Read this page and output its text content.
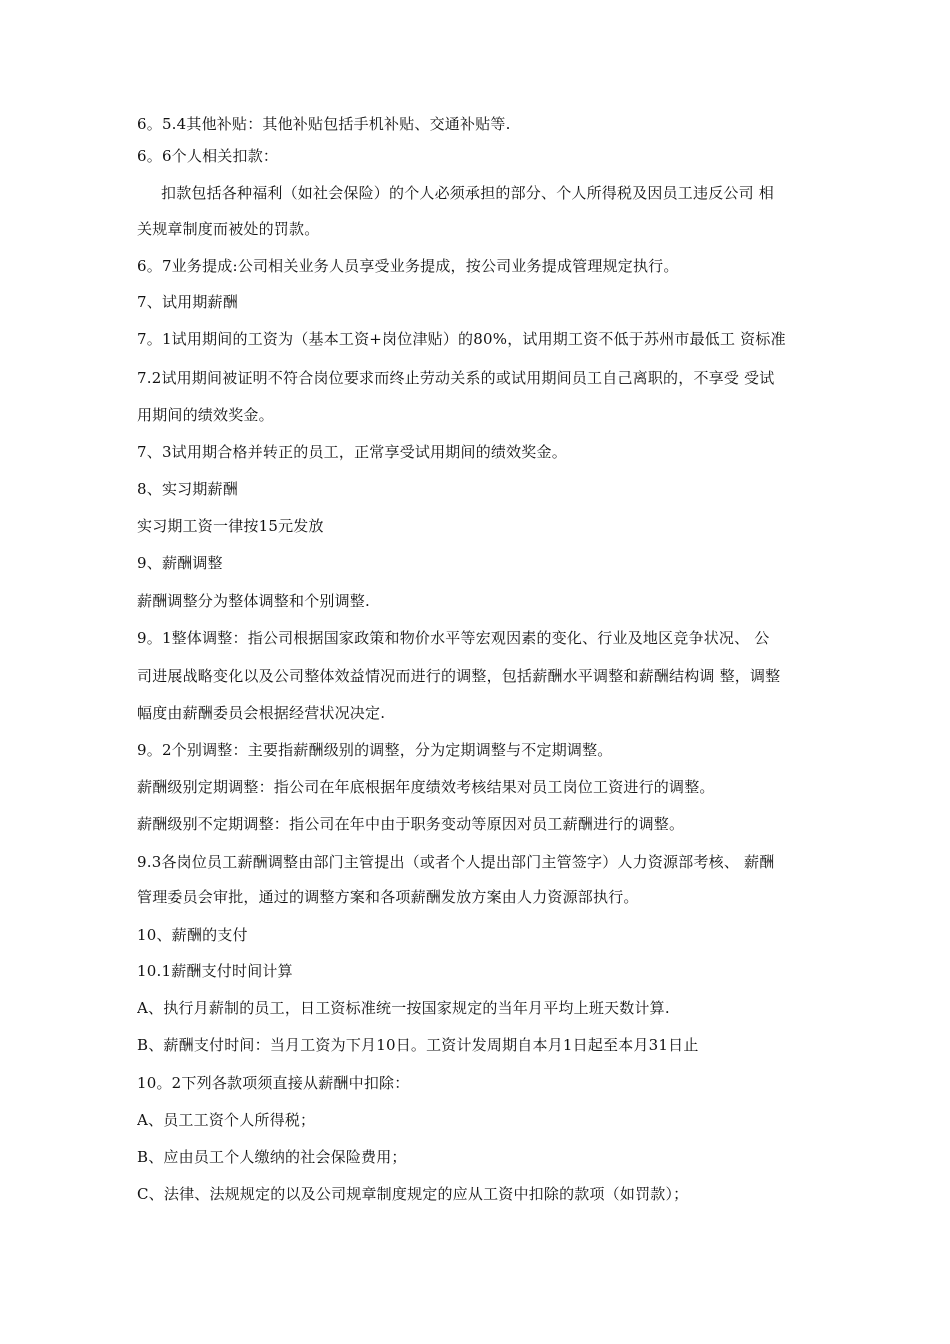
6。5.4其他补贴：其他补贴包括手机补贴、交通补贴等.
6。6个人相关扣款：
扣款包括各种福利（如社会保险）的个人必须承担的部分、个人所得税及因员工违反公司 相
关规章制度而被处的罚款。
6。7业务提成:公司相关业务人员享受业务提成，按公司业务提成管理规定执行。
7、试用期薪酬
7。1试用期间的工资为（基本工资+岗位津贴）的80%，试用期工资不低于苏州市最低工 资标准
7.2试用期间被证明不符合岗位要求而终止劳动关系的或试用期间员工自己离职的，不享受 受试
用期间的绩效奖金。
7、3试用期合格并转正的员工，正常享受试用期间的绩效奖金。
8、实习期薪酬
实习期工资一律按15元发放
9、薪酬调整
薪酬调整分为整体调整和个别调整.
9。1整体调整：指公司根据国家政策和物价水平等宏观因素的变化、行业及地区竞争状况、 公
司进展战略变化以及公司整体效益情况而进行的调整，包括薪酬水平调整和薪酬结构调 整，调整
幅度由薪酬委员会根据经营状况决定.
9。2个别调整：主要指薪酬级别的调整，分为定期调整与不定期调整。
薪酬级别定期调整：指公司在年底根据年度绩效考核结果对员工岗位工资进行的调整。
薪酬级别不定期调整：指公司在年中由于职务变动等原因对员工薪酬进行的调整。
9.3各岗位员工薪酬调整由部门主管提出（或者个人提出部门主管签字）人力资源部考核、 薪酬
管理委员会审批，通过的调整方案和各项薪酬发放方案由人力资源部执行。
10、薪酬的支付
10.1薪酬支付时间计算
A、执行月薪制的员工，日工资标准统一按国家规定的当年月平均上班天数计算.
B、薪酬支付时间：当月工资为下月10日。工资计发周期自本月1日起至本月31日止
10。2下列各款项须直接从薪酬中扣除：
A、员工工资个人所得税；
B、应由员工个人缴纳的社会保险费用；
C、法律、法规规定的以及公司规章制度规定的应从工资中扣除的款项（如罚款）；
